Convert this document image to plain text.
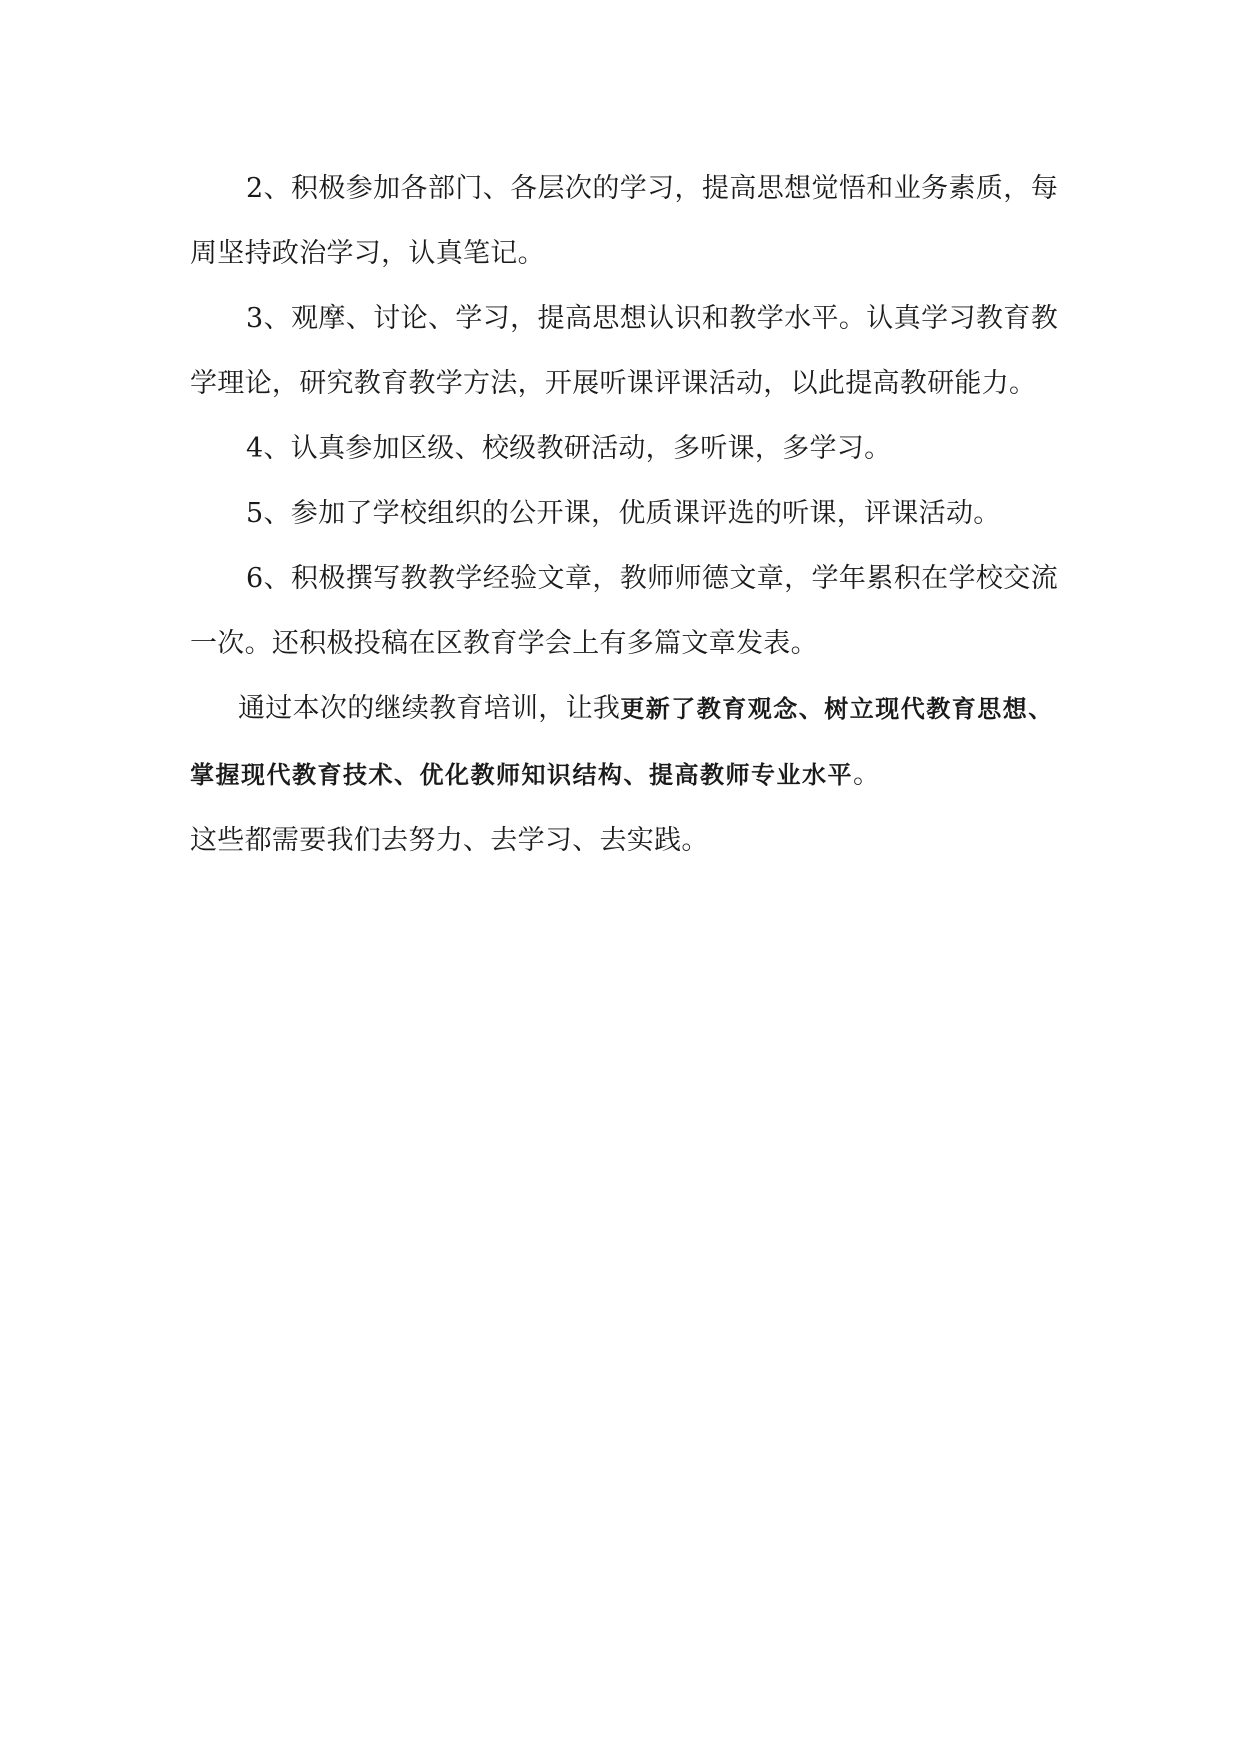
2、积极参加各部门、各层次的学习，提高思想觉悟和业务素质，每周坚持政治学习，认真笔记。

3、观摩、讨论、学习，提高思想认识和教学水平。认真学习教育教学理论，研究教育教学方法，开展听课评课活动，以此提高教研能力。

4、认真参加区级、校级教研活动，多听课，多学习。

5、参加了学校组织的公开课，优质课评选的听课，评课活动。

6、积极撰写教教学经验文章，教师师德文章，学年累积在学校交流一次。还积极投稿在区教育学会上有多篇文章发表。

通过本次的继续教育培训，让我更新了教育观念、树立现代教育思想、掌握现代教育技术、优化教师知识结构、提高教师专业水平。
这些都需要我们去努力、去学习、去实践。
